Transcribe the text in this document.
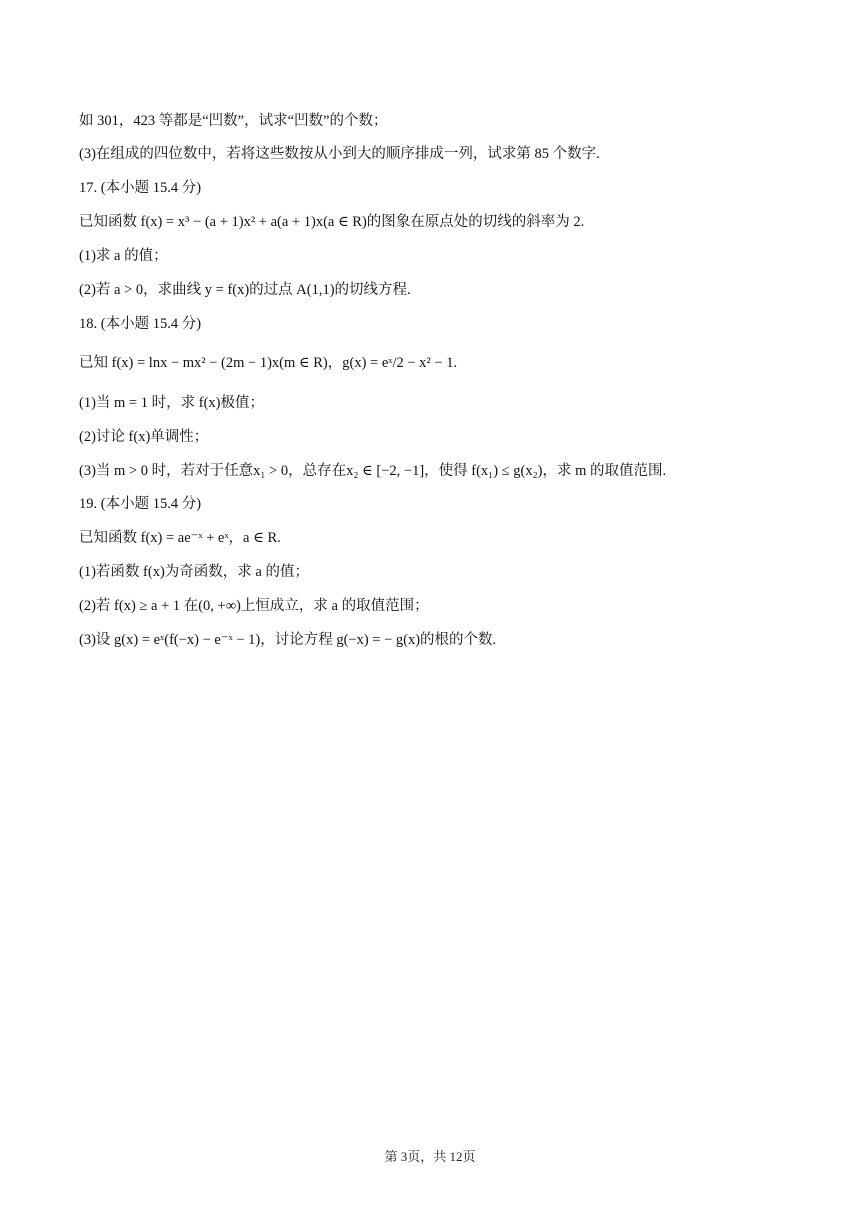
如 301，423 等都是“凹数”，试求“凹数”的个数；
(3)在组成的四位数中，若将这些数按从小到大的顺序排成一列，试求第 85 个数字.
17. (本小题 15.4 分)
已知函数 f(x) = x³ − (a + 1)x² + a(a + 1)x(a ∈ R)的图象在原点处的切线的斜率为 2.
(1)求 a 的值；
(2)若 a > 0，求曲线 y = f(x)的过点 A(1,1)的切线方程.
18. (本小题 15.4 分)
已知 f(x) = lnx − mx² − (2m − 1)x(m ∈ R)，g(x) = eˣ/2 − x² − 1.
(1)当 m = 1 时，求 f(x)极值；
(2)讨论 f(x)单调性；
(3)当 m > 0 时，若对于任意x₁ > 0，总存在x₂ ∈ [−2, −1]，使得 f(x₁) ≤ g(x₂)，求 m 的取值范围.
19. (本小题 15.4 分)
已知函数 f(x) = ae⁻ˣ + eˣ，a ∈ R.
(1)若函数 f(x)为奇函数，求 a 的值；
(2)若 f(x) ≥ a + 1 在(0, +∞)上恒成立，求 a 的取值范围；
(3)设 g(x) = eˣ(f(−x) − e⁻ˣ − 1)，讨论方程 g(−x) = − g(x)的根的个数.
第 3页，共 12页
